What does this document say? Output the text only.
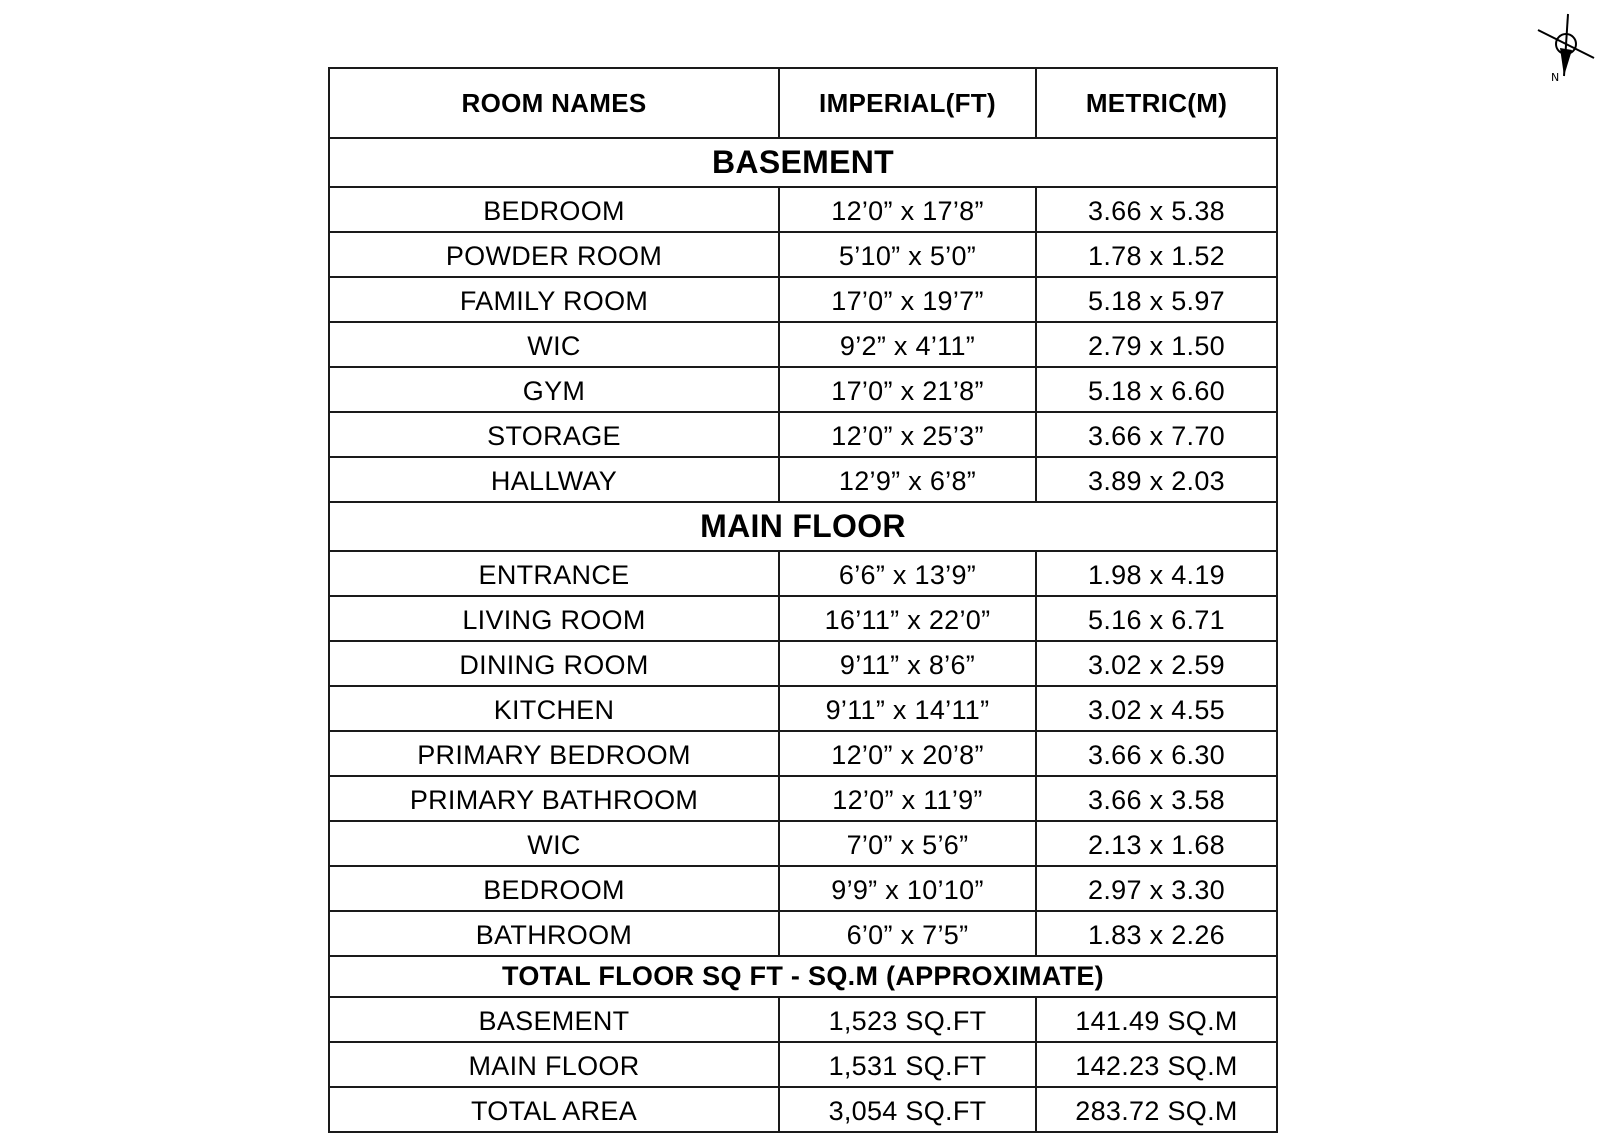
N
ROOM NAMES	IMPERIAL(FT)	METRIC(M)
BASEMENT		
BEDROOM	12’0” x 17’8”	3.66 x 5.38
POWDER ROOM	5’10” x 5’0”	1.78 x 1.52
FAMILY ROOM	17’0” x 19’7”	5.18 x 5.97
WIC	9’2” x 4’11”	2.79 x 1.50
GYM	17’0” x 21’8”	5.18 x 6.60
STORAGE	12’0” x 25’3”	3.66 x 7.70
HALLWAY	12’9” x 6’8”	3.89 x 2.03
MAIN FLOOR		
ENTRANCE	6’6” x 13’9”	1.98 x 4.19
LIVING ROOM	16’11” x 22’0”	5.16 x 6.71
DINING ROOM	9’11” x 8’6”	3.02 x 2.59
KITCHEN	9’11” x 14’11”	3.02 x 4.55
PRIMARY BEDROOM	12’0” x 20’8”	3.66 x 6.30
PRIMARY BATHROOM	12’0” x 11’9”	3.66 x 3.58
WIC	7’0” x 5’6”	2.13 x 1.68
BEDROOM	9’9” x 10’10”	2.97 x 3.30
BATHROOM	6’0” x 7’5”	1.83 x 2.26
TOTAL FLOOR SQ FT - SQ.M (APPROXIMATE)		
BASEMENT	1,523 SQ.FT	141.49 SQ.M
MAIN FLOOR	1,531 SQ.FT	142.23 SQ.M
TOTAL AREA	3,054 SQ.FT	283.72 SQ.M
